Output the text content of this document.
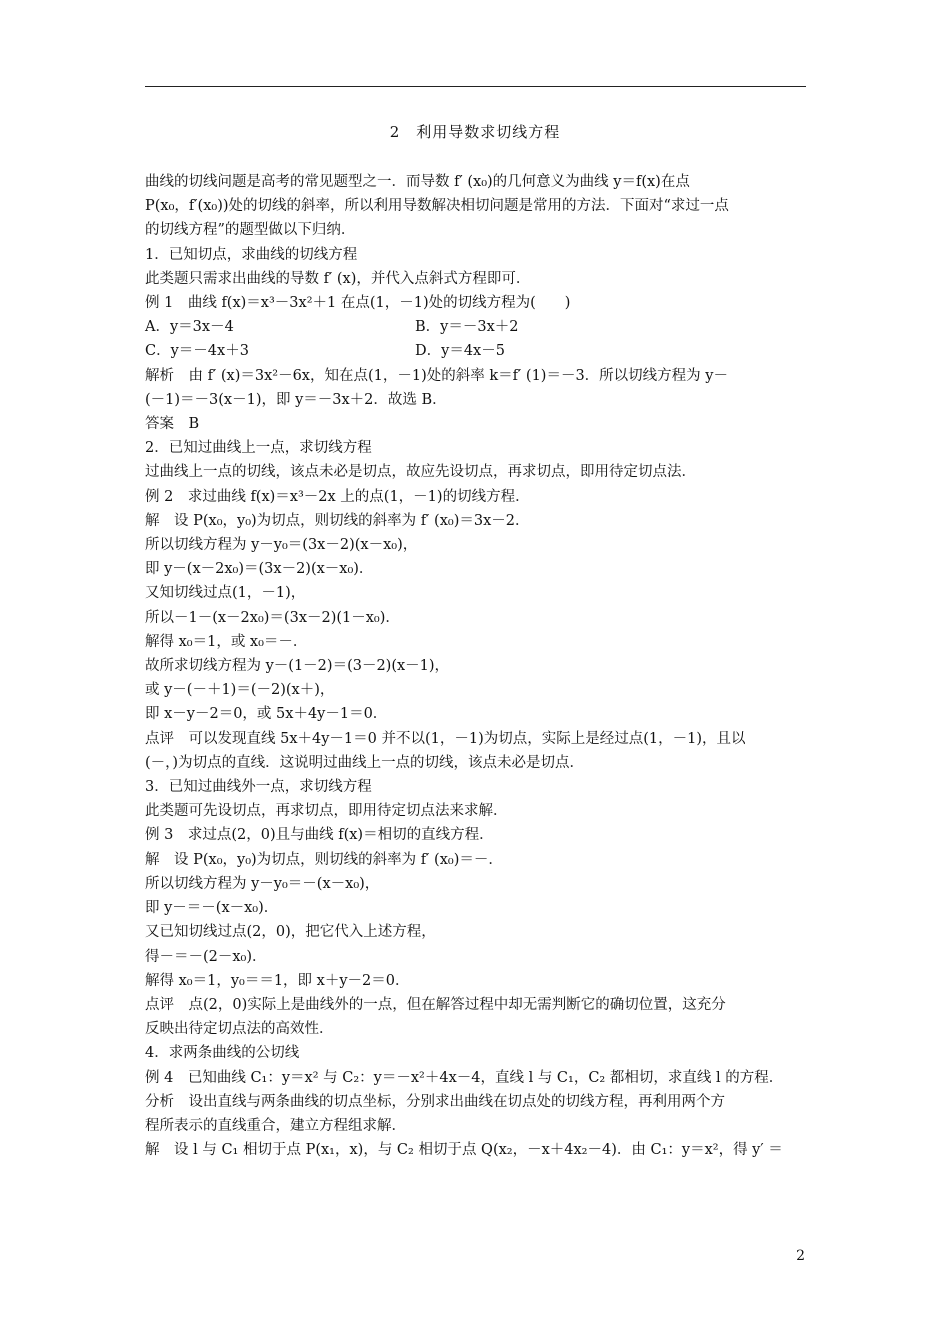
2　利用导数求切线方程

曲线的切线问题是高考的常见题型之一．而导数 f′ (x₀)的几何意义为曲线 y＝f(x)在点

P(x₀，f′(x₀))处的切线的斜率，所以利用导数解决相切问题是常用的方法．下面对“求过一点

的切线方程”的题型做以下归纳．

1．已知切点，求曲线的切线方程

此类题只需求出曲线的导数 f′ (x)，并代入点斜式方程即可．

例 1　曲线 f(x)＝x³－3x²＋1 在点(1，－1)处的切线方程为(　　)

A．y＝3x－4	B．y＝－3x＋2
C．y＝－4x＋3	D．y＝4x－5

解析　由 f′ (x)＝3x²－6x，知在点(1，－1)处的斜率 k＝f′ (1)＝－3．所以切线方程为 y－

(－1)＝－3(x－1)，即 y＝－3x＋2．故选 B．

答案　B

2．已知过曲线上一点，求切线方程

过曲线上一点的切线，该点未必是切点，故应先设切点，再求切点，即用待定切点法．

例 2　求过曲线 f(x)＝x³－2x 上的点(1，－1)的切线方程．

解　设 P(x₀，y₀)为切点，则切线的斜率为 f′ (x₀)＝3x－2．

所以切线方程为 y－y₀＝(3x－2)(x－x₀)，

即 y－(x－2x₀)＝(3x－2)(x－x₀)．

又知切线过点(1，－1)，

所以－1－(x－2x₀)＝(3x－2)(1－x₀)．

解得 x₀＝1，或 x₀＝－．

故所求切线方程为 y－(1－2)＝(3－2)(x－1)，

或 y－(－＋1)＝(－2)(x＋)，

即 x－y－2＝0，或 5x＋4y－1＝0．

点评　可以发现直线 5x＋4y－1＝0 并不以(1，－1)为切点，实际上是经过点(1，－1)，且以

(－，)为切点的直线．这说明过曲线上一点的切线，该点未必是切点．

3．已知过曲线外一点，求切线方程

此类题可先设切点，再求切点，即用待定切点法来求解．

例 3　求过点(2，0)且与曲线 f(x)＝相切的直线方程．

解　设 P(x₀，y₀)为切点，则切线的斜率为 f′ (x₀)＝－．

所以切线方程为 y－y₀＝－(x－x₀)，

即 y－＝－(x－x₀)．

又已知切线过点(2，0)，把它代入上述方程，

得－＝－(2－x₀)．

解得 x₀＝1，y₀＝＝1，即 x＋y－2＝0．

点评　点(2，0)实际上是曲线外的一点，但在解答过程中却无需判断它的确切位置，这充分

反映出待定切点法的高效性．

4．求两条曲线的公切线

例 4　已知曲线 C₁：y＝x² 与 C₂：y＝－x²＋4x－4，直线 l 与 C₁，C₂ 都相切，求直线 l 的方程．

分析　设出直线与两条曲线的切点坐标，分别求出曲线在切点处的切线方程，再利用两个方

程所表示的直线重合，建立方程组求解．

解　设 l 与 C₁ 相切于点 P(x₁，x)，与 C₂ 相切于点 Q(x₂，－x＋4x₂－4)．由 C₁：y＝x²，得 y′ ＝

2
